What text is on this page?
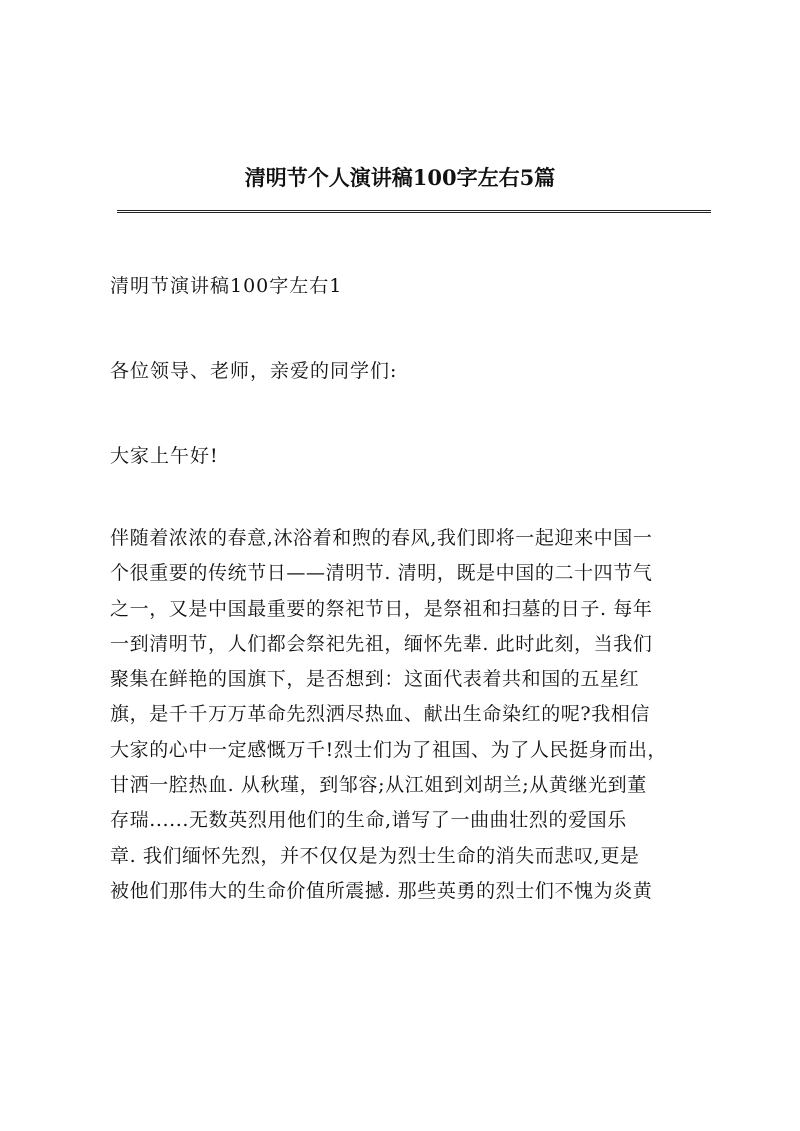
清明节个人演讲稿100字左右5篇

清明节演讲稿100字左右1

各位领导、老师，亲爱的同学们:

大家上午好!

伴随着浓浓的春意,沐浴着和煦的春风,我们即将一起迎来中国一
个很重要的传统节日——清明节. 清明，既是中国的二十四节气
之一，又是中国最重要的祭祀节日，是祭祖和扫墓的日子. 每年
一到清明节，人们都会祭祀先祖，缅怀先辈. 此时此刻，当我们
聚集在鲜艳的国旗下，是否想到：这面代表着共和国的五星红
旗，是千千万万革命先烈洒尽热血、献出生命染红的呢?我相信
大家的心中一定感慨万千!烈士们为了祖国、为了人民挺身而出，
甘洒一腔热血. 从秋瑾，到邹容;从江姐到刘胡兰;从黄继光到董
存瑞......无数英烈用他们的生命,谱写了一曲曲壮烈的爱国乐
章. 我们缅怀先烈，并不仅仅是为烈士生命的消失而悲叹,更是
被他们那伟大的生命价值所震撼. 那些英勇的烈士们不愧为炎黄
